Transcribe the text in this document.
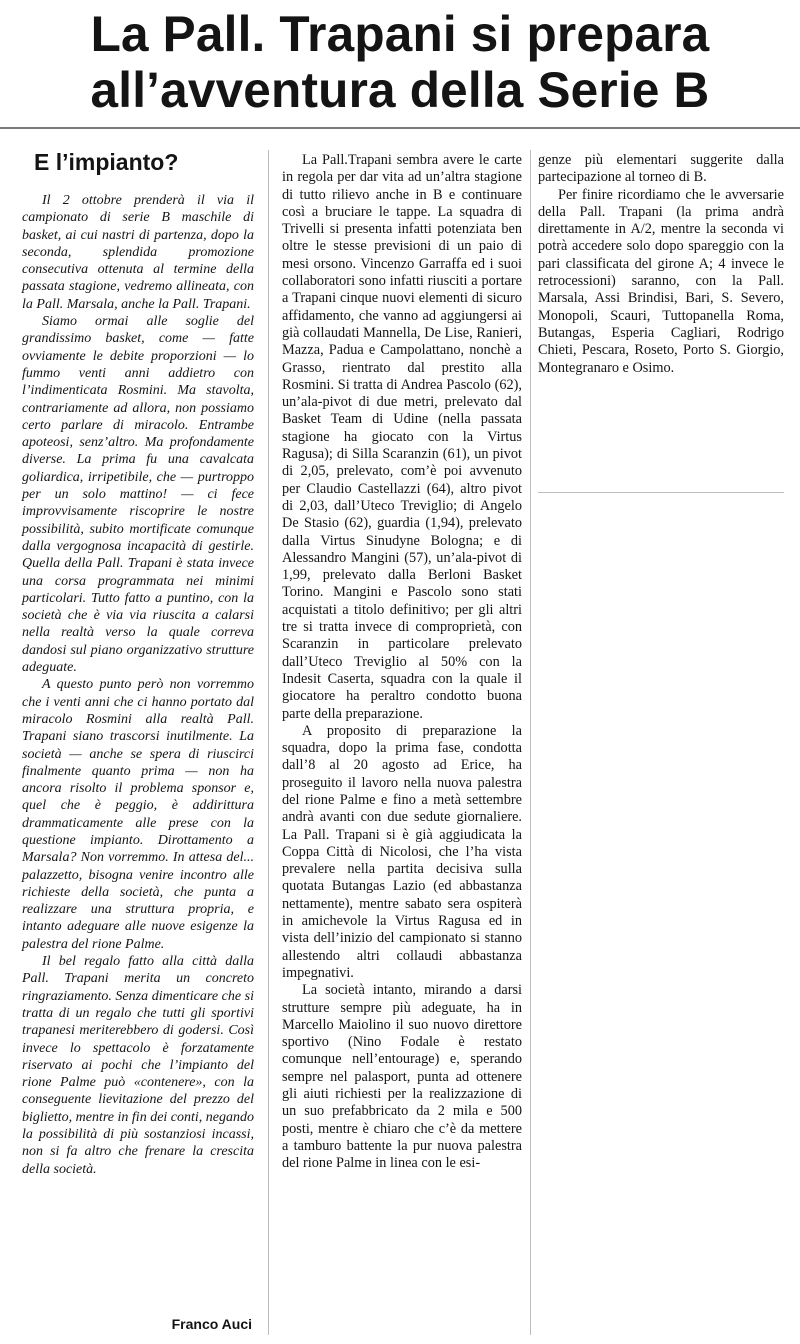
La Pall. Trapani si prepara
all’avventura della Serie B
E l’impianto?

Il 2 ottobre prenderà il via il campionato di serie B maschile di basket, ai cui nastri di partenza, dopo la seconda, splendida promozione consecutiva ottenuta al termine della passata stagione, vedremo allineata, con la Pall. Marsala, anche la Pall. Trapani.

Siamo ormai alle soglie del grandissimo basket, come — fatte ovviamente le debite proporzioni — lo fummo venti anni addietro con l’indimenticata Rosmini. Ma stavolta, contrariamente ad allora, non possiamo certo parlare di miracolo. Entrambe apoteosi, senz’altro. Ma profondamente diverse. La prima fu una cavalcata goliardica, irripetibile, che — purtroppo per un solo mattino! — ci fece improvvisamente riscoprire le nostre possibilità, subito mortificate comunque dalla vergognosa incapacità di gestirle. Quella della Pall. Trapani è stata invece una corsa programmata nei minimi particolari. Tutto fatto a puntino, con la società che è via via riuscita a calarsi nella realtà verso la quale correva dandosi sul piano organizzativo strutture adeguate.

A questo punto però non vorremmo che i venti anni che ci hanno portato dal miracolo Rosmini alla realtà Pall. Trapani siano trascorsi inutilmente. La società — anche se spera di riuscirci finalmente quanto prima — non ha ancora risolto il problema sponsor e, quel che è peggio, è addirittura drammaticamente alle prese con la questione impianto. Dirottamento a Marsala? Non vorremmo. In attesa del... palazzetto, bisogna venire incontro alle richieste della società, che punta a realizzare una struttura propria, e intanto adeguare alle nuove esigenze la palestra del rione Palme.

Il bel regalo fatto alla città dalla Pall. Trapani merita un concreto ringraziamento. Senza dimenticare che si tratta di un regalo che tutti gli sportivi trapanesi meriterebbero di godersi. Così invece lo spettacolo è forzatamente riservato ai pochi che l’impianto del rione Palme può «contenere», con la conseguente lievitazione del prezzo del biglietto, mentre in fin dei conti, negando la possibilità di più sostanziosi incassi, non si fa altro che frenare la crescita della società.

Franco Auci

La Pall.Trapani sembra avere le carte in regola per dar vita ad un’altra stagione di tutto rilievo anche in B e continuare così a bruciare le tappe. La squadra di Trivelli si presenta infatti potenziata ben oltre le stesse previsioni di un paio di mesi orsono. Vincenzo Garraffa ed i suoi collaboratori sono infatti riusciti a portare a Trapani cinque nuovi elementi di sicuro affidamento, che vanno ad aggiungersi ai già collaudati Mannella, De Lise, Ranieri, Mazza, Padua e Campolattano, nonchè a Grasso, rientrato dal prestito alla Rosmini. Si tratta di Andrea Pascolo (62), un’ala-pivot di due metri, prelevato dal Basket Team di Udine (nella passata stagione ha giocato con la Virtus Ragusa); di Silla Scaranzin (61), un pivot di 2,05, prelevato, com’è poi avvenuto per Claudio Castellazzi (64), altro pivot di 2,03, dall’Uteco Treviglio; di Angelo De Stasio (62), guardia (1,94), prelevato dalla Virtus Sinudyne Bologna; e di Alessandro Mangini (57), un’ala-pivot di 1,99, prelevato dalla Berloni Basket Torino. Mangini e Pascolo sono stati acquistati a titolo definitivo; per gli altri tre si tratta invece di comproprietà, con Scaranzin in particolare prelevato dall’Uteco Treviglio al 50% con la Indesit Caserta, squadra con la quale il giocatore ha peraltro condotto buona parte della preparazione.

A proposito di preparazione la squadra, dopo la prima fase, condotta dall’8 al 20 agosto ad Erice, ha proseguito il lavoro nella nuova palestra del rione Palme e fino a metà settembre andrà avanti con due sedute giornaliere. La Pall. Trapani si è già aggiudicata la Coppa Città di Nicolosi, che l’ha vista prevalere nella partita decisiva sulla quotata Butangas Lazio (ed abbastanza nettamente), mentre sabato sera ospiterà in amichevole la Virtus Ragusa ed in vista dell’inizio del campionato si stanno allestendo altri collaudi abbastanza impegnativi.

La società intanto, mirando a darsi strutture sempre più adeguate, ha in Marcello Maiolino il suo nuovo direttore sportivo (Nino Fodale è restato comunque nell’entourage) e, sperando sempre nel palasport, punta ad ottenere gli aiuti richiesti per la realizzazione di un suo prefabbricato da 2 mila e 500 posti, mentre è chiaro che c’è da mettere a tamburo battente la pur nuova palestra del rione Palme in linea con le esi-

genze più elementari suggerite dalla partecipazione al torneo di B.

Per finire ricordiamo che le avversarie della Pall. Trapani (la prima andrà direttamente in A/2, mentre la seconda vi potrà accedere solo dopo spareggio con la pari classificata del girone A; 4 invece le retrocessioni) saranno, con la Pall. Marsala, Assi Brindisi, Bari, S. Severo, Monopoli, Scauri, Tuttopanella Roma, Butangas, Esperia Cagliari, Rodrigo Chieti, Pescara, Roseto, Porto S. Giorgio, Montegranaro e Osimo.
